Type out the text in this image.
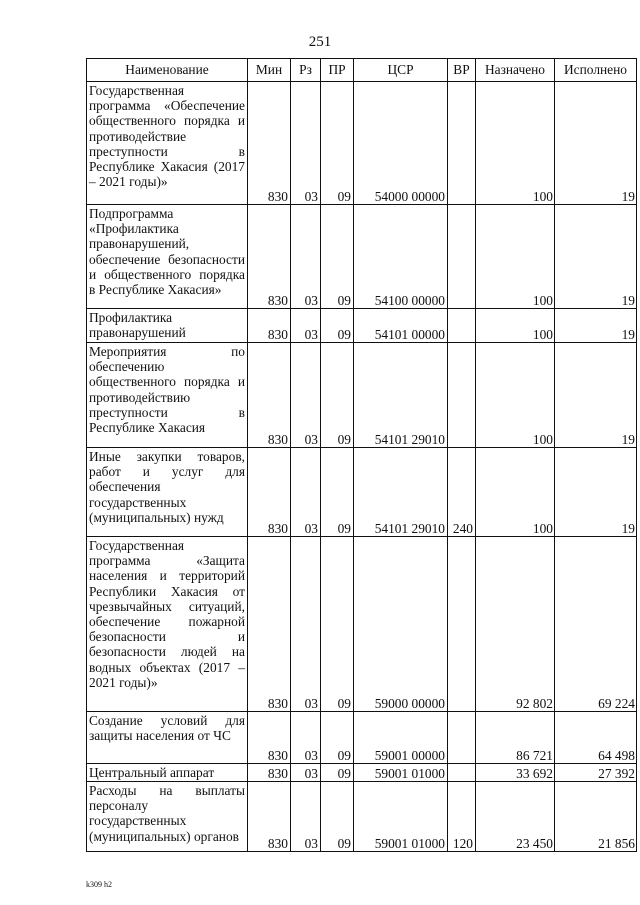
251
Наименование	Мин	Рз	ПР	ЦСР	ВР	Назначено	Исполнено
Государственная программа «Обеспечение общественного порядка и противодействие преступности в Республике Хакасия (2017 – 2021 годы)»	830	03	09	54000 00000		100	19
Подпрограмма «Профилактика правонарушений, обеспечение безопасности и общественного порядка в Республике Хакасия»	830	03	09	54100 00000		100	19
Профилактика правонарушений	830	03	09	54101 00000		100	19
Мероприятия по обеспечению общественного порядка и противодействию преступности в Республике Хакасия	830	03	09	54101 29010		100	19
Иные закупки товаров, работ и услуг для обеспечения государственных (муниципальных) нужд	830	03	09	54101 29010	240	100	19
Государственная программа «Защита населения и территорий Республики Хакасия от чрезвычайных ситуаций, обеспечение пожарной безопасности и безопасности людей на водных объектах (2017 – 2021 годы)»	830	03	09	59000 00000		92 802	69 224
Создание условий для защиты населения от ЧС	830	03	09	59001 00000		86 721	64 498
Центральный аппарат	830	03	09	59001 01000		33 692	27 392
Расходы на выплаты персоналу государственных (муниципальных) органов	830	03	09	59001 01000	120	23 450	21 856
k309 h2
